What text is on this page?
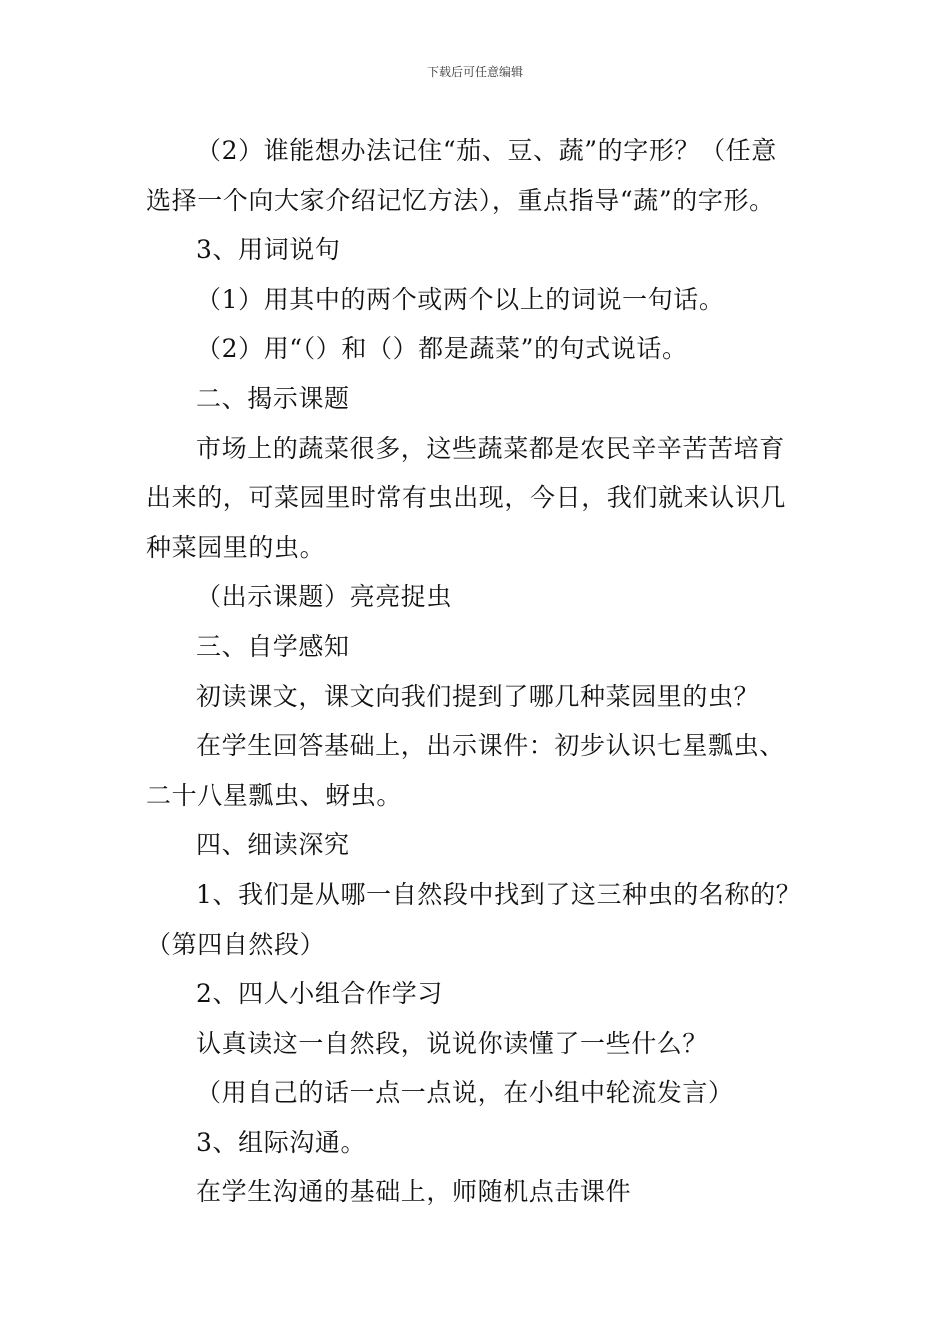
下载后可任意编辑
（2）谁能想办法记住“茄、豆、蔬”的字形？（任意
选择一个向大家介绍记忆方法），重点指导“蔬”的字形。
3、用词说句
（1）用其中的两个或两个以上的词说一句话。
（2）用“（）和（）都是蔬菜”的句式说话。
二、揭示课题
市场上的蔬菜很多，这些蔬菜都是农民辛辛苦苦培育
出来的，可菜园里时常有虫出现，今日，我们就来认识几
种菜园里的虫。
（出示课题）亮亮捉虫
三、自学感知
初读课文，课文向我们提到了哪几种菜园里的虫？
在学生回答基础上，出示课件：初步认识七星瓢虫、
二十八星瓢虫、蚜虫。
四、细读深究
1、我们是从哪一自然段中找到了这三种虫的名称的？
（第四自然段）
2、四人小组合作学习
认真读这一自然段，说说你读懂了一些什么？
（用自己的话一点一点说，在小组中轮流发言）
3、组际沟通。
在学生沟通的基础上，师随机点击课件
